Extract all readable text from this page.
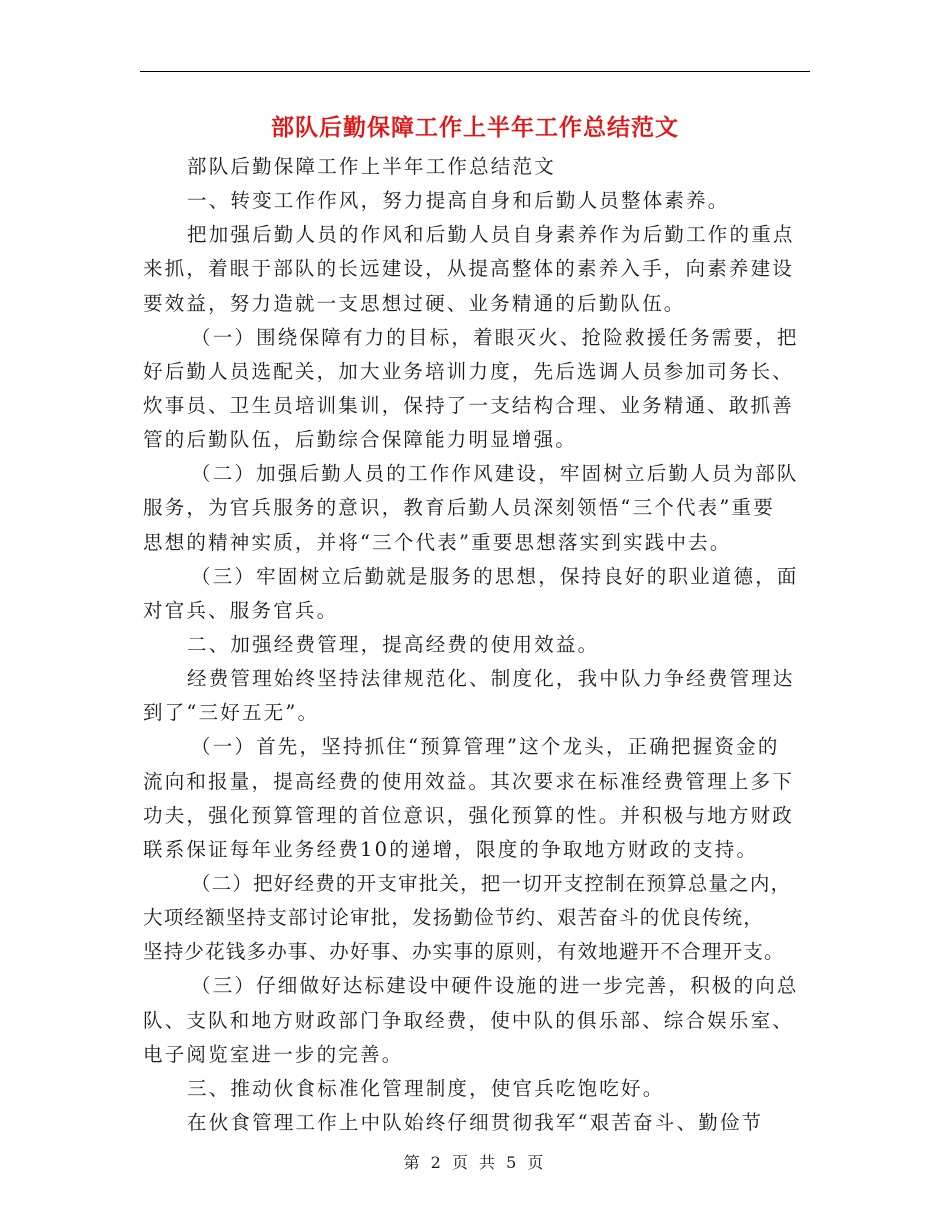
部队后勤保障工作上半年工作总结范文
部队后勤保障工作上半年工作总结范文
一、转变工作作风，努力提高自身和后勤人员整体素养。
把加强后勤人员的作风和后勤人员自身素养作为后勤工作的重点
来抓，着眼于部队的长远建设，从提高整体的素养入手，向素养建设
要效益，努力造就一支思想过硬、业务精通的后勤队伍。
（一）围绕保障有力的目标，着眼灭火、抢险救援任务需要，把
好后勤人员选配关，加大业务培训力度，先后选调人员参加司务长、
炊事员、卫生员培训集训，保持了一支结构合理、业务精通、敢抓善
管的后勤队伍，后勤综合保障能力明显增强。
（二）加强后勤人员的工作作风建设，牢固树立后勤人员为部队
服务，为官兵服务的意识，教育后勤人员深刻领悟“三个代表”重要
思想的精神实质，并将“三个代表”重要思想落实到实践中去。
（三）牢固树立后勤就是服务的思想，保持良好的职业道德，面
对官兵、服务官兵。
二、加强经费管理，提高经费的使用效益。
经费管理始终坚持法律规范化、制度化，我中队力争经费管理达
到了“三好五无”。
（一）首先，坚持抓住“预算管理”这个龙头，正确把握资金的
流向和报量，提高经费的使用效益。其次要求在标准经费管理上多下
功夫，强化预算管理的首位意识，强化预算的性。并积极与地方财政
联系保证每年业务经费10的递增，限度的争取地方财政的支持。
（二）把好经费的开支审批关，把一切开支控制在预算总量之内，
大项经额坚持支部讨论审批，发扬勤俭节约、艰苦奋斗的优良传统，
坚持少花钱多办事、办好事、办实事的原则，有效地避开不合理开支。
（三）仔细做好达标建设中硬件设施的进一步完善，积极的向总
队、支队和地方财政部门争取经费，使中队的俱乐部、综合娱乐室、
电子阅览室进一步的完善。
三、推动伙食标准化管理制度，使官兵吃饱吃好。
在伙食管理工作上中队始终仔细贯彻我军“艰苦奋斗、勤俭节
第 2 页 共 5 页
